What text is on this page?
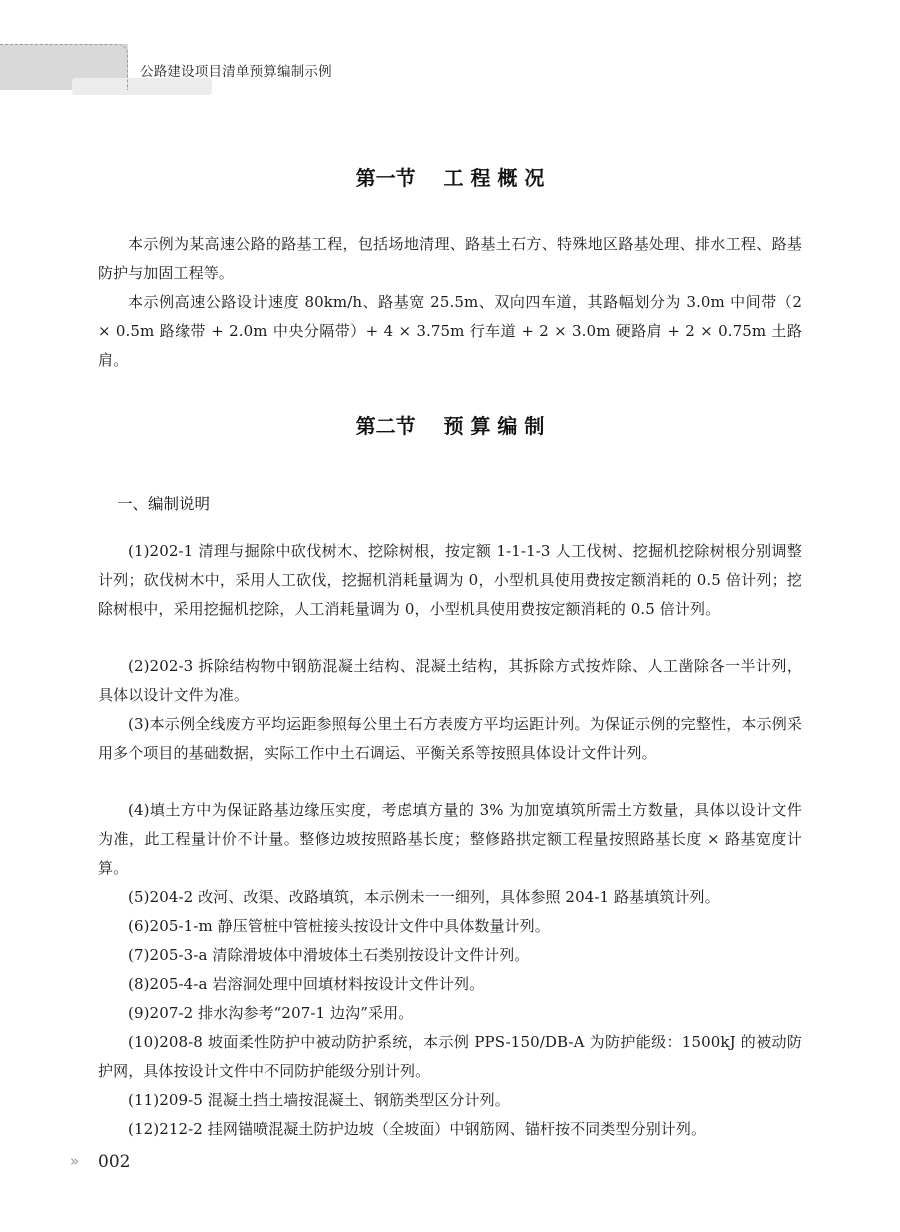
公路建设项目清单预算编制示例
第一节 工 程 概 况

本示例为某高速公路的路基工程，包括场地清理、路基土石方、特殊地区路基处理、排水工程、路基防护与加固工程等。

本示例高速公路设计速度 80km/h、路基宽 25.5m、双向四车道，其路幅划分为 3.0m 中间带（2 × 0.5m 路缘带 + 2.0m 中央分隔带）+ 4 × 3.75m 行车道 + 2 × 3.0m 硬路肩 + 2 × 0.75m 土路肩。

第二节 预 算 编 制
一、编制说明

(1)202-1 清理与掘除中砍伐树木、挖除树根，按定额 1-1-1-3 人工伐树、挖掘机挖除树根分别调整计列；砍伐树木中，采用人工砍伐，挖掘机消耗量调为 0，小型机具使用费按定额消耗的 0.5 倍计列；挖除树根中，采用挖掘机挖除，人工消耗量调为 0，小型机具使用费按定额消耗的 0.5 倍计列。

(2)202-3 拆除结构物中钢筋混凝土结构、混凝土结构，其拆除方式按炸除、人工凿除各一半计列，具体以设计文件为准。

(3)本示例全线废方平均运距参照每公里土石方表废方平均运距计列。为保证示例的完整性，本示例采用多个项目的基础数据，实际工作中土石调运、平衡关系等按照具体设计文件计列。

(4)填土方中为保证路基边缘压实度，考虑填方量的 3% 为加宽填筑所需土方数量，具体以设计文件为准，此工程量计价不计量。整修边坡按照路基长度；整修路拱定额工程量按照路基长度 × 路基宽度计算。

(5)204-2 改河、改渠、改路填筑，本示例未一一细列，具体参照 204-1 路基填筑计列。

(6)205-1-m 静压管桩中管桩接头按设计文件中具体数量计列。

(7)205-3-a 清除滑坡体中滑坡体土石类别按设计文件计列。

(8)205-4-a 岩溶洞处理中回填材料按设计文件计列。

(9)207-2 排水沟参考“207-1 边沟”采用。

(10)208-8 坡面柔性防护中被动防护系统，本示例 PPS-150/DB-A 为防护能级：1500kJ 的被动防护网，具体按设计文件中不同防护能级分别计列。

(11)209-5 混凝土挡土墙按混凝土、钢筋类型区分计列。

(12)212-2 挂网锚喷混凝土防护边坡（全坡面）中钢筋网、锚杆按不同类型分别计列。

» 002
